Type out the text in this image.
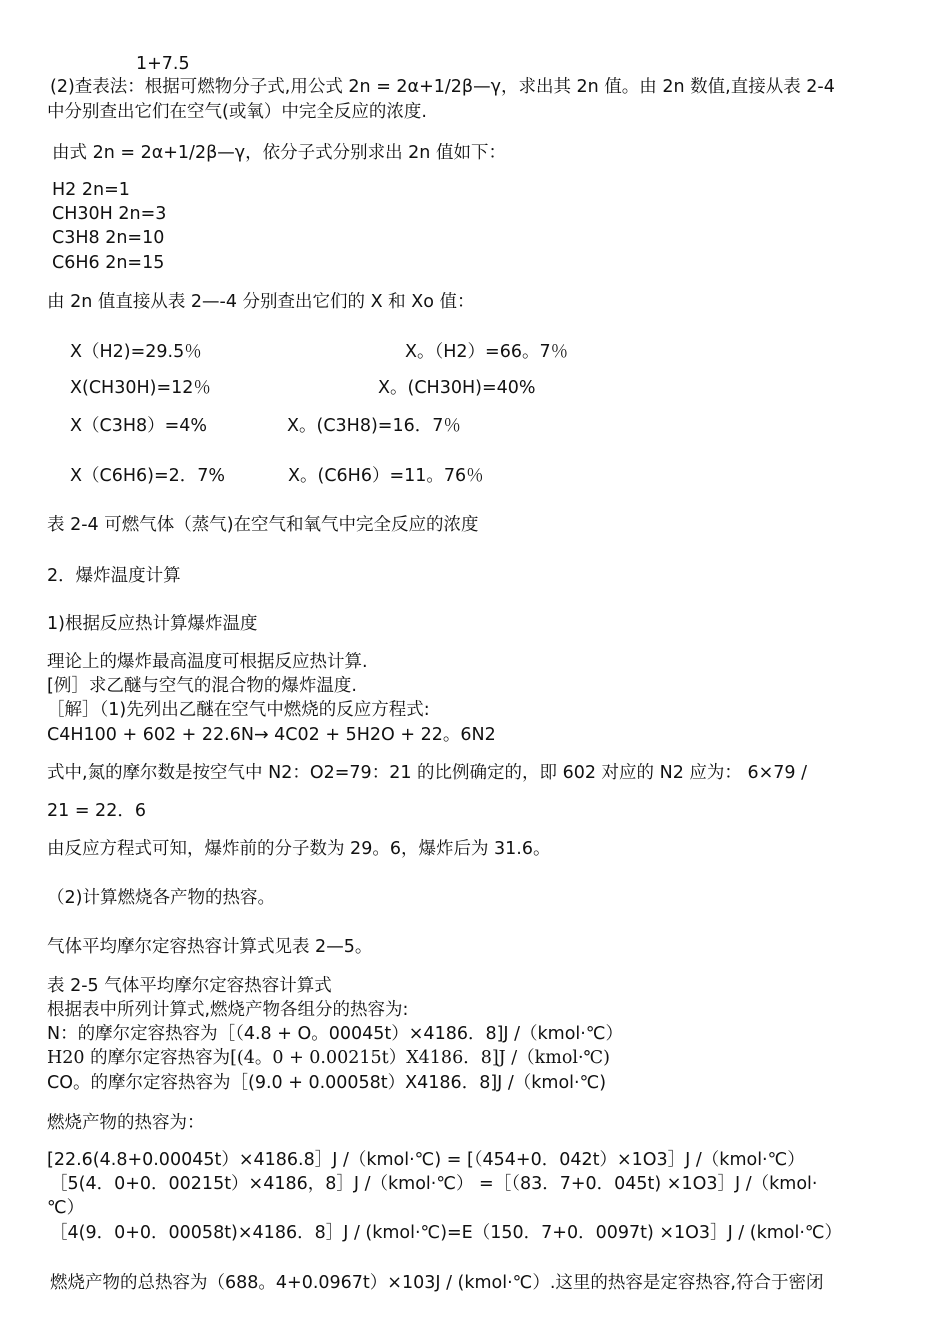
1+7.5
(2)查表法：根据可燃物分子式,用公式 2n = 2α+1/2β—γ，求出其 2n 值。由 2n 数值,直接从表 2-4
中分别查出它们在空气(或氧）中完全反应的浓度.
由式 2n = 2α+1/2β—γ，依分子式分别求出 2n 值如下：
H2 2n=1
CH30H 2n=3
C3H8 2n=10
C6H6 2n=15
由 2n 值直接从表 2—-4 分别查出它们的 X 和 Xo 值：
X（H2)=29.5％	X。（H2）=66。7％
X(CH30H)=12％	X。(CH30H)=40%
X（C3H8）=4%	X。(C3H8)=16．7％
X（C6H6)=2．7%	X。(C6H6）=11。76％
表 2-4 可燃气体（蒸气)在空气和氧气中完全反应的浓度
2．爆炸温度计算
1)根据反应热计算爆炸温度
理论上的爆炸最高温度可根据反应热计算.
[例］求乙醚与空气的混合物的爆炸温度.
［解］（1)先列出乙醚在空气中燃烧的反应方程式:
C4H100 + 602 + 22.6N→ 4C02 + 5H2O + 22。6N2
式中,氮的摩尔数是按空气中 N2：O2=79：21 的比例确定的，即 602 对应的 N2 应为： 6×79 /
21 = 22．6
由反应方程式可知，爆炸前的分子数为 29。6，爆炸后为 31.6。
（2)计算燃烧各产物的热容。
气体平均摩尔定容热容计算式见表 2—5。
表 2-5 气体平均摩尔定容热容计算式
根据表中所列计算式,燃烧产物各组分的热容为:
N：的摩尔定容热容为［（4.8 + O。00045t）×4186．8]J /（kmol·℃）
H20 的摩尔定容热容为[(4。0 + 0.00215t）X4186．8]J /（kmol·℃)
CO。的摩尔定容热容为［(9.0 + 0.00058t）X4186．8]J /（kmol·℃)
燃烧产物的热容为：
[22.6(4.8+0.00045t）×4186.8］J /（kmol·℃) = [（454+0．042t）×1O3］J /（kmol·℃）
［5(4．0+0．00215t）×4186，8］J /（kmol·℃） =［（83．7+0．045t) ×1O3］J /（kmol·
℃）
［4(9．0+0．00058t)×4186．8］J / (kmol·℃)=E（150．7+0．0097t) ×1O3］J / (kmol·℃）
燃烧产物的总热容为（688。4+0.0967t）×103J / (kmol·℃）.这里的热容是定容热容,符合于密闭
